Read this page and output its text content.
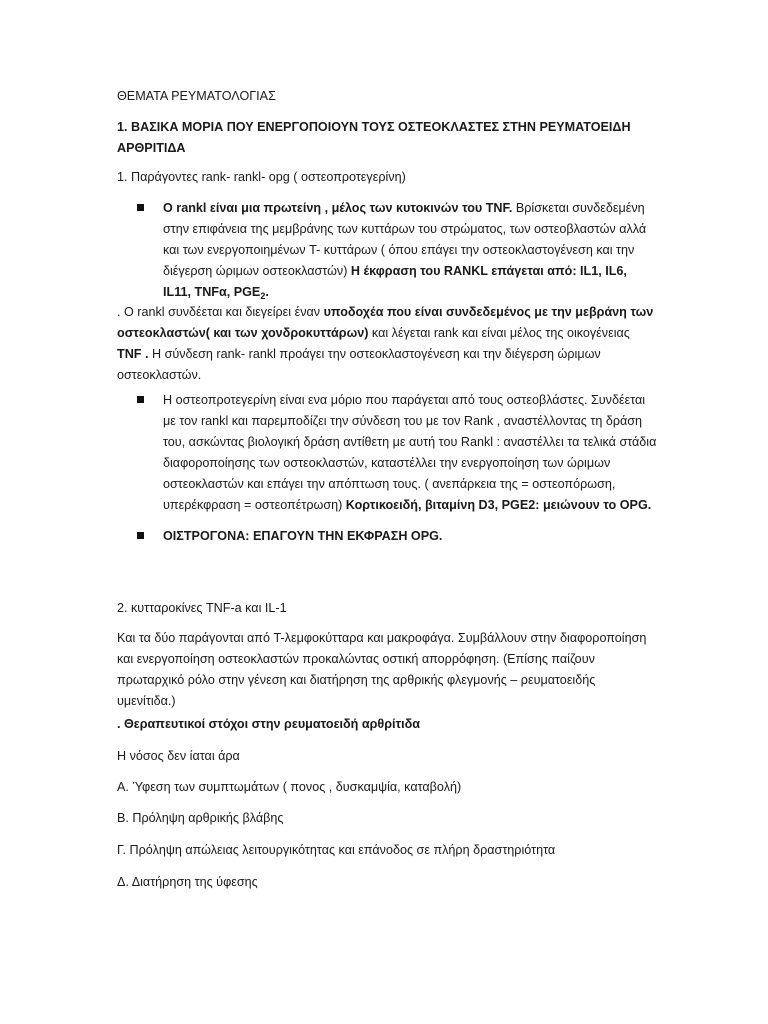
ΘΕΜΑΤΑ ΡΕΥΜΑΤΟΛΟΓΙΑΣ

1. ΒΑΣΙΚΑ ΜΟΡΙΑ ΠΟΥ ΕΝΕΡΓΟΠΟΙΟΥΝ ΤΟΥΣ ΟΣΤΕΟΚΛΑΣΤΕΣ ΣΤΗΝ ΡΕΥΜΑΤΟΕΙΔΗ ΑΡΘΡΙΤΙΔΑ

1. Παράγοντες rank- rankl- opg ( οστεοπροτεγερίνη)

Ο rankl είναι μια πρωτείνη , μέλος των κυτοκινών του TNF. Βρίσκεται συνδεδεμένη στην επιφάνεια της μεμβράνης των κυττάρων του στρώματος, των οστεοβλαστών αλλά και των ενεργοποιημένων T- κυττάρων ( όπου επάγει την οστεοκλαστογένεση και την διέγερση ώριμων οστεοκλαστών) Η έκφραση του RANKL επάγεται από: IL1, IL6, IL11, TNFα, $PGE_2$.

. Ο rankl συνδέεται και διεγείρει έναν υποδοχέα που είναι συνδεδεμένος με την μεβράνη των οστεοκλαστών( και των χονδροκυττάρων) και λέγεται rank και είναι μέλος της οικογένειας TNF . Η σύνδεση rank- rankl προάγει την οστεοκλαστογένεση και την διέγερση ώριμων οστεοκλαστών.

Η οστεοπροτεγερίνη είναι ενα μόριο που παράγεται από τους οστεοβλάστες. Συνδέεται με τον rankl και παρεμποδίζει την σύνδεση του με τον Rank , αναστέλλοντας τη δράση του, ασκώντας βιολογική δράση αντίθετη με αυτή του Rankl : αναστέλλει τα τελικά στάδια διαφοροποίησης των οστεοκλαστών, καταστέλλει την ενεργοποίηση των ώριμων οστεοκλαστών και επάγει την απόπτωση τους. ( ανεπάρκεια της = οστεοπόρωση, υπερέκφραση = οστεοπέτρωση) Κορτικοειδή, βιταμίνη D3, PGE2: μειώνουν το OPG.
ΟΙΣΤΡΟΓΟΝΑ: ΕΠΑΓΟΥΝ ΤΗΝ ΕΚΦΡΑΣΗ OPG.

2. κυτταροκίνες TNF-a και IL-1

Και τα δύο παράγονται από T-λεμφοκύτταρα και μακροφάγα. Συμβάλλουν στην διαφοροποίηση και ενεργοποίηση οστεοκλαστών προκαλώντας οστική απορρόφηση. (Επίσης παίζουν πρωταρχικό ρόλο στην γένεση και διατήρηση της αρθρικής φλεγμονής – ρευματοειδής υμενίτιδα.)

. Θεραπευτικοί στόχοι στην ρευματοειδή αρθρίτιδα

Η νόσος δεν ίαται άρα

Α. Ύφεση των συμπτωμάτων ( πονος , δυσκαμψία, καταβολή)

Β. Πρόληψη αρθρικής βλάβης

Γ. Πρόληψη απώλειας λειτουργικότητας και επάνοδος σε πλήρη δραστηριότητα

Δ. Διατήρηση της ύφεσης
